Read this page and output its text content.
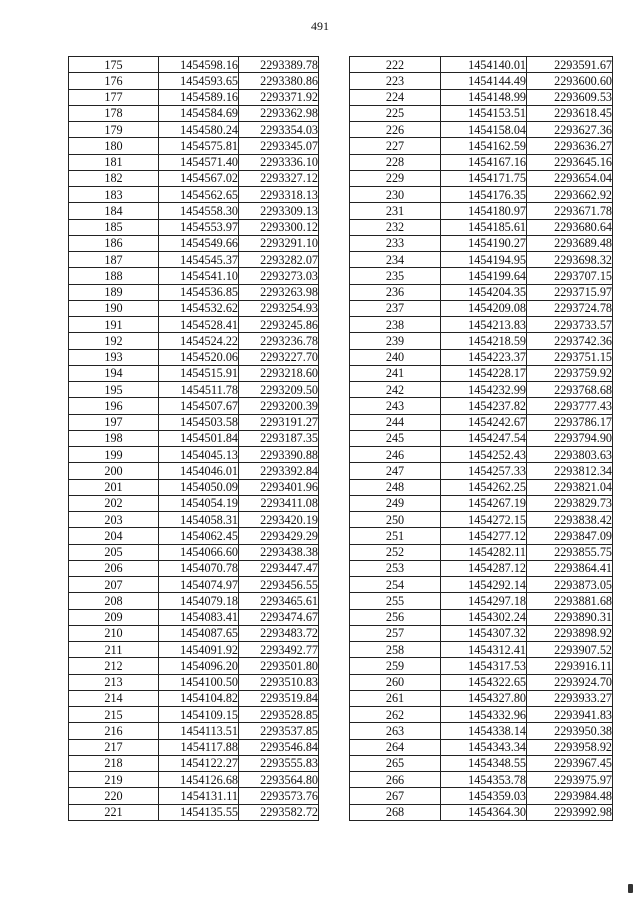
491
175	1454598.16	2293389.78
176	1454593.65	2293380.86
177	1454589.16	2293371.92
178	1454584.69	2293362.98
179	1454580.24	2293354.03
180	1454575.81	2293345.07
181	1454571.40	2293336.10
182	1454567.02	2293327.12
183	1454562.65	2293318.13
184	1454558.30	2293309.13
185	1454553.97	2293300.12
186	1454549.66	2293291.10
187	1454545.37	2293282.07
188	1454541.10	2293273.03
189	1454536.85	2293263.98
190	1454532.62	2293254.93
191	1454528.41	2293245.86
192	1454524.22	2293236.78
193	1454520.06	2293227.70
194	1454515.91	2293218.60
195	1454511.78	2293209.50
196	1454507.67	2293200.39
197	1454503.58	2293191.27
198	1454501.84	2293187.35
199	1454045.13	2293390.88
200	1454046.01	2293392.84
201	1454050.09	2293401.96
202	1454054.19	2293411.08
203	1454058.31	2293420.19
204	1454062.45	2293429.29
205	1454066.60	2293438.38
206	1454070.78	2293447.47
207	1454074.97	2293456.55
208	1454079.18	2293465.61
209	1454083.41	2293474.67
210	1454087.65	2293483.72
211	1454091.92	2293492.77
212	1454096.20	2293501.80
213	1454100.50	2293510.83
214	1454104.82	2293519.84
215	1454109.15	2293528.85
216	1454113.51	2293537.85
217	1454117.88	2293546.84
218	1454122.27	2293555.83
219	1454126.68	2293564.80
220	1454131.11	2293573.76
221	1454135.55	2293582.72
222	1454140.01	2293591.67
223	1454144.49	2293600.60
224	1454148.99	2293609.53
225	1454153.51	2293618.45
226	1454158.04	2293627.36
227	1454162.59	2293636.27
228	1454167.16	2293645.16
229	1454171.75	2293654.04
230	1454176.35	2293662.92
231	1454180.97	2293671.78
232	1454185.61	2293680.64
233	1454190.27	2293689.48
234	1454194.95	2293698.32
235	1454199.64	2293707.15
236	1454204.35	2293715.97
237	1454209.08	2293724.78
238	1454213.83	2293733.57
239	1454218.59	2293742.36
240	1454223.37	2293751.15
241	1454228.17	2293759.92
242	1454232.99	2293768.68
243	1454237.82	2293777.43
244	1454242.67	2293786.17
245	1454247.54	2293794.90
246	1454252.43	2293803.63
247	1454257.33	2293812.34
248	1454262.25	2293821.04
249	1454267.19	2293829.73
250	1454272.15	2293838.42
251	1454277.12	2293847.09
252	1454282.11	2293855.75
253	1454287.12	2293864.41
254	1454292.14	2293873.05
255	1454297.18	2293881.68
256	1454302.24	2293890.31
257	1454307.32	2293898.92
258	1454312.41	2293907.52
259	1454317.53	2293916.11
260	1454322.65	2293924.70
261	1454327.80	2293933.27
262	1454332.96	2293941.83
263	1454338.14	2293950.38
264	1454343.34	2293958.92
265	1454348.55	2293967.45
266	1454353.78	2293975.97
267	1454359.03	2293984.48
268	1454364.30	2293992.98
